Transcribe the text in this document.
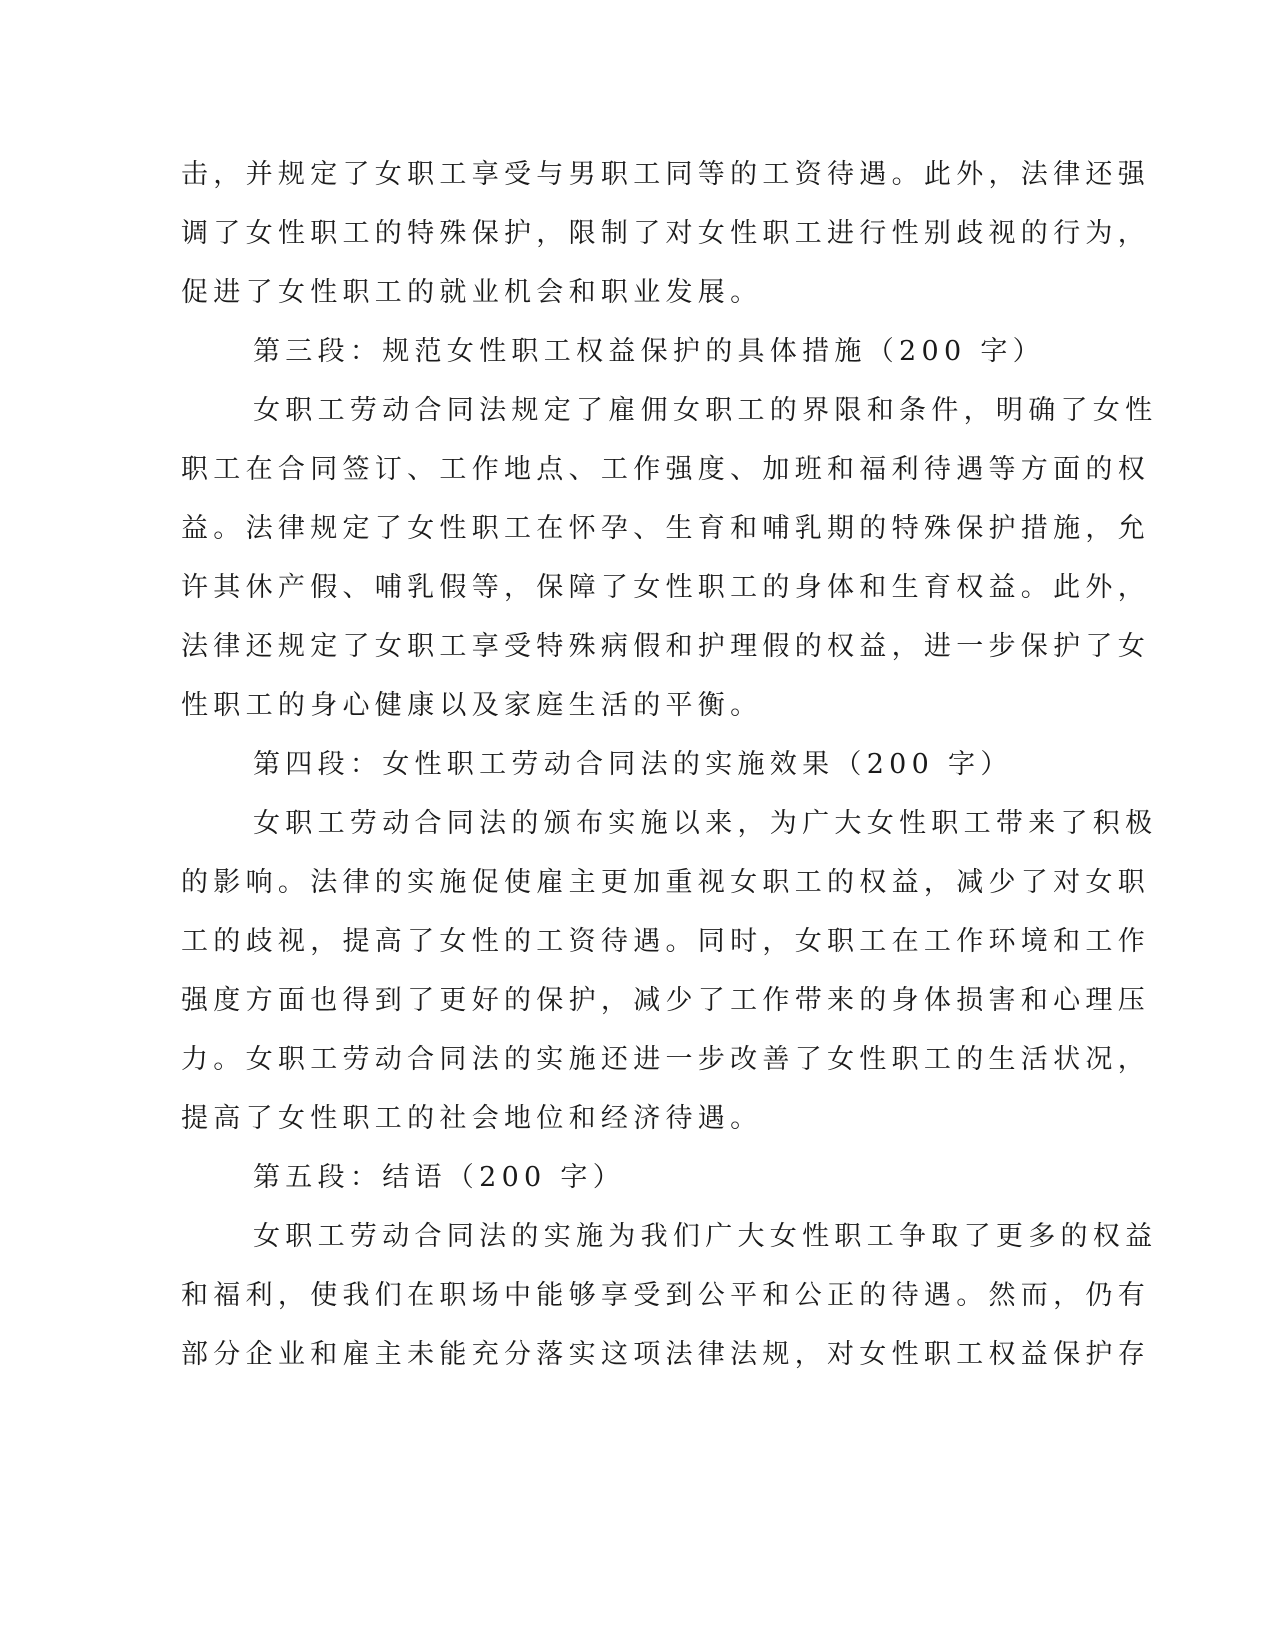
击，并规定了女职工享受与男职工同等的工资待遇。此外，法律还强
调了女性职工的特殊保护，限制了对女性职工进行性别歧视的行为，
促进了女性职工的就业机会和职业发展。
第三段：规范女性职工权益保护的具体措施（200 字）
女职工劳动合同法规定了雇佣女职工的界限和条件，明确了女性
职工在合同签订、工作地点、工作强度、加班和福利待遇等方面的权
益。法律规定了女性职工在怀孕、生育和哺乳期的特殊保护措施，允
许其休产假、哺乳假等，保障了女性职工的身体和生育权益。此外，
法律还规定了女职工享受特殊病假和护理假的权益，进一步保护了女
性职工的身心健康以及家庭生活的平衡。
第四段：女性职工劳动合同法的实施效果（200 字）
女职工劳动合同法的颁布实施以来，为广大女性职工带来了积极
的影响。法律的实施促使雇主更加重视女职工的权益，减少了对女职
工的歧视，提高了女性的工资待遇。同时，女职工在工作环境和工作
强度方面也得到了更好的保护，减少了工作带来的身体损害和心理压
力。女职工劳动合同法的实施还进一步改善了女性职工的生活状况，
提高了女性职工的社会地位和经济待遇。
第五段：结语（200 字）
女职工劳动合同法的实施为我们广大女性职工争取了更多的权益
和福利，使我们在职场中能够享受到公平和公正的待遇。然而，仍有
部分企业和雇主未能充分落实这项法律法规，对女性职工权益保护存
